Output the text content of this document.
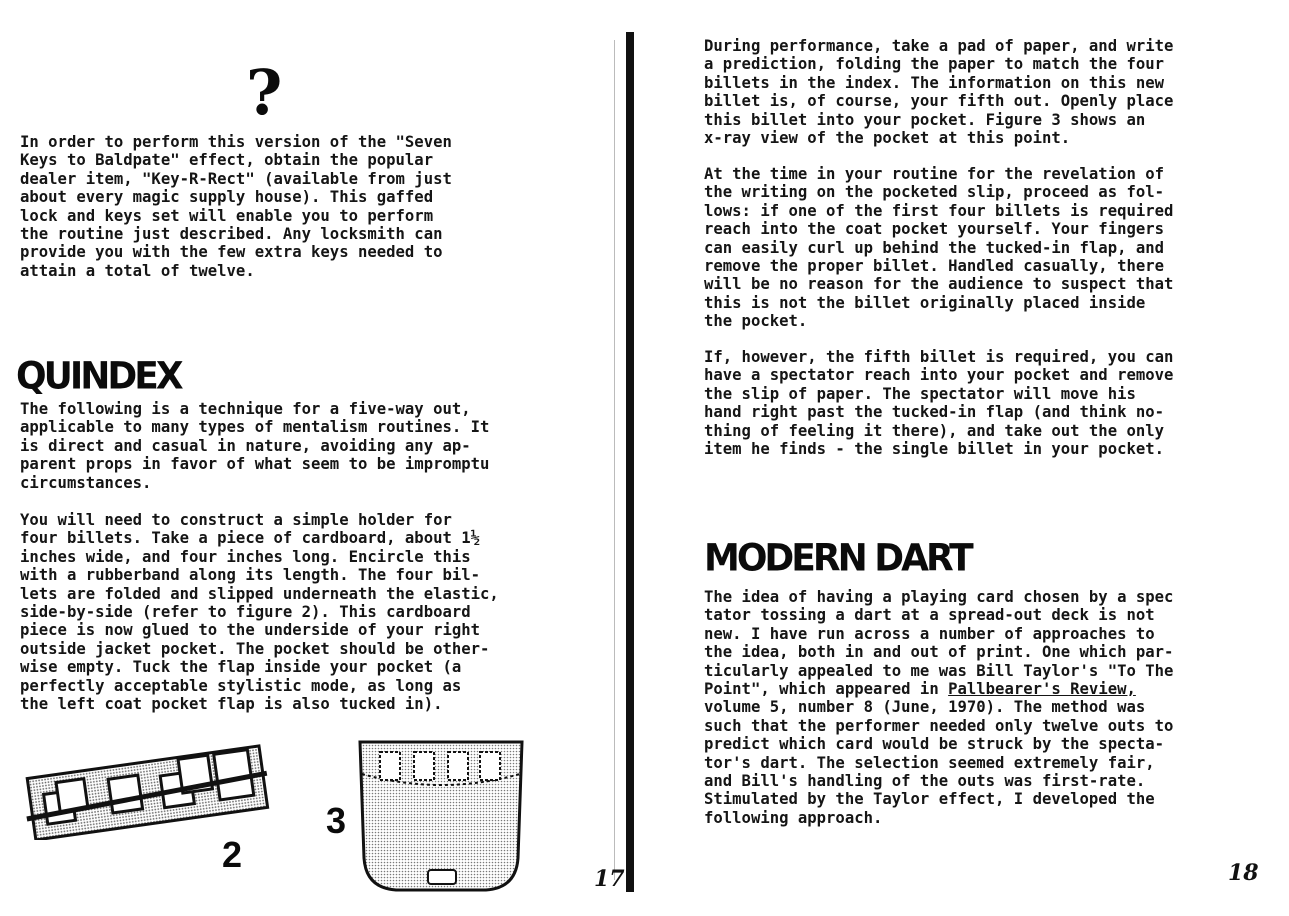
?

In order to perform this version of the "Seven
Keys to Baldpate" effect, obtain the popular
dealer item, "Key-R-Rect" (available from just
about every magic supply house). This gaffed
lock and keys set will enable you to perform
the routine just described. Any locksmith can
provide you with the few extra keys needed to
attain a total of twelve.

QUINDEX

The following is a technique for a five-way out,
applicable to many types of mentalism routines. It
is direct and casual in nature, avoiding any ap-
parent props in favor of what seem to be impromptu
circumstances.

You will need to construct a simple holder for
four billets. Take a piece of cardboard, about 1½
inches wide, and four inches long. Encircle this
with a rubberband along its length. The four bil-
lets are folded and slipped underneath the elastic,
side-by-side (refer to figure 2). This cardboard
piece is now glued to the underside of your right
outside jacket pocket. The pocket should be other-
wise empty. Tuck the flap inside your pocket (a
perfectly acceptable stylistic mode, as long as
the left coat pocket flap is also tucked in).

2
3
17

During performance, take a pad of paper, and write
a prediction, folding the paper to match the four
billets in the index. The information on this new
billet is, of course, your fifth out. Openly place
this billet into your pocket. Figure 3 shows an
x-ray view of the pocket at this point.

At the time in your routine for the revelation of
the writing on the pocketed slip, proceed as fol-
lows: if one of the first four billets is required
reach into the coat pocket yourself. Your fingers
can easily curl up behind the tucked-in flap, and
remove the proper billet. Handled casually, there
will be no reason for the audience to suspect that
this is not the billet originally placed inside
the pocket.

If, however, the fifth billet is required, you can
have a spectator reach into your pocket and remove
the slip of paper. The spectator will move his
hand right past the tucked-in flap (and think no-
thing of feeling it there), and take out the only
item he finds - the single billet in your pocket.

MODERN DART

The idea of having a playing card chosen by a spec
tator tossing a dart at a spread-out deck is not
new. I have run across a number of approaches to
the idea, both in and out of print. One which par-
ticularly appealed to me was Bill Taylor's "To The
Point", which appeared in Pallbearer's Review,
volume 5, number 8 (June, 1970). The method was
such that the performer needed only twelve outs to
predict which card would be struck by the specta-
tor's dart. The selection seemed extremely fair,
and Bill's handling of the outs was first-rate.
Stimulated by the Taylor effect, I developed the
following approach.

18
